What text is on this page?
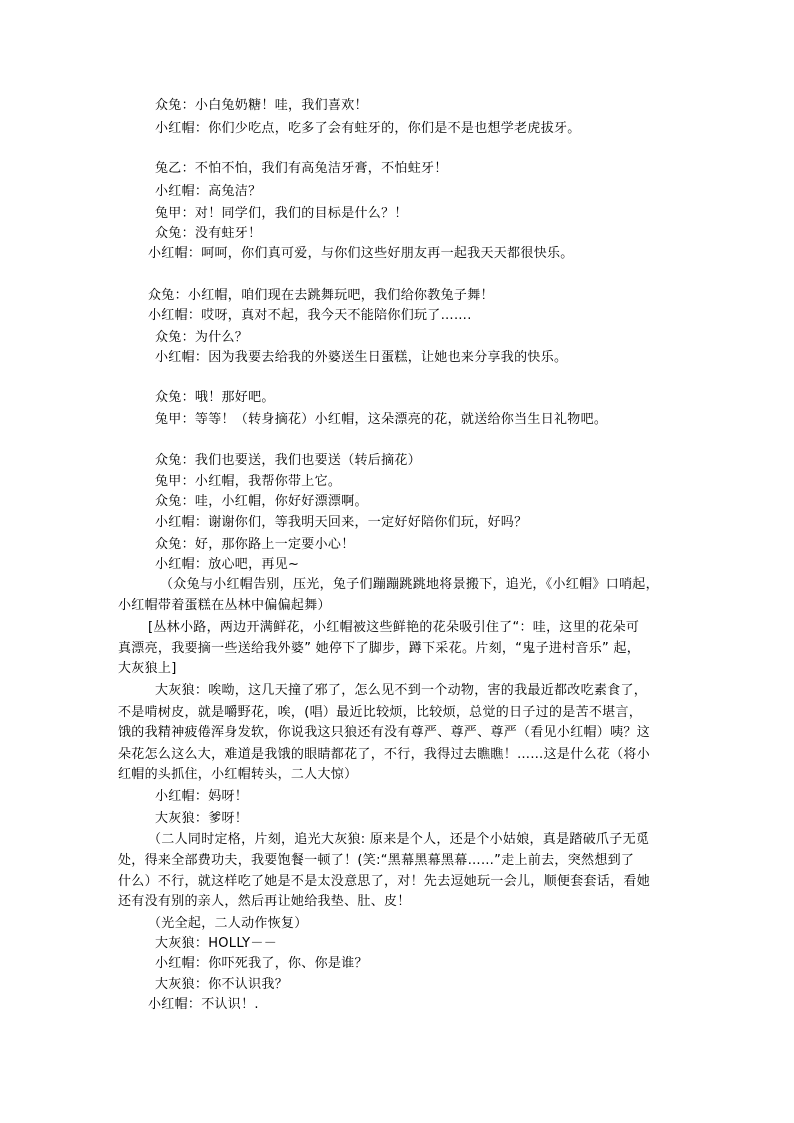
众兔：小白兔奶糖！哇，我们喜欢！
小红帽：你们少吃点，吃多了会有蛀牙的，你们是不是也想学老虎拔牙。
兔乙：不怕不怕，我们有高兔洁牙膏，不怕蛀牙！
小红帽：高兔洁？
兔甲：对！同学们，我们的目标是什么？！
众兔：没有蛀牙！
小红帽：呵呵，你们真可爱，与你们这些好朋友再一起我天天都很快乐。
众兔：小红帽，咱们现在去跳舞玩吧，我们给你教兔子舞！
小红帽：哎呀，真对不起，我今天不能陪你们玩了…….
众兔：为什么？
小红帽：因为我要去给我的外婆送生日蛋糕，让她也来分享我的快乐。
众兔：哦！那好吧。
兔甲：等等！（转身摘花）小红帽，这朵漂亮的花，就送给你当生日礼物吧。
众兔：我们也要送，我们也要送（转后摘花）
兔甲：小红帽，我帮你带上它。
众兔：哇，小红帽，你好好漂漂啊。
小红帽：谢谢你们，等我明天回来，一定好好陪你们玩，好吗？
众兔：好，那你路上一定要小心！
小红帽：放心吧，再见~
（众兔与小红帽告别，压光，兔子们蹦蹦跳跳地将景搬下，追光，《小红帽》口哨起，
小红帽带着蛋糕在丛林中偏偏起舞）
[丛林小路，两边开满鲜花，小红帽被这些鲜艳的花朵吸引住了“：哇，这里的花朵可
真漂亮，我要摘一些送给我外婆” 她停下了脚步，蹲下采花。片刻，“鬼子进村音乐” 起，
大灰狼上]
大灰狼：唉呦，这几天撞了邪了，怎么见不到一个动物，害的我最近都改吃素食了，
不是啃树皮，就是嚼野花，唉，(唱）最近比较烦，比较烦，总觉的日子过的是苦不堪言，
饿的我精神疲倦浑身发软，你说我这只狼还有没有尊严、尊严、尊严（看见小红帽）咦？这
朵花怎么这么大，难道是我饿的眼睛都花了，不行，我得过去瞧瞧！……这是什么花（将小
红帽的头抓住，小红帽转头，二人大惊）
小红帽：妈呀！
大灰狼：爹呀！
（二人同时定格，片刻，追光大灰狼: 原来是个人，还是个小姑娘，真是踏破爪子无觅
处，得来全部费功夫，我要饱餐一顿了！(笑:“黑幕黑幕黑幕……”走上前去，突然想到了
什么）不行，就这样吃了她是不是太没意思了，对！先去逗她玩一会儿，顺便套套话，看她
还有没有别的亲人，然后再让她给我垫、肚、皮！
（光全起，二人动作恢复）
大灰狼：HOLLY－－
小红帽：你吓死我了，你、你是谁？
大灰狼：你不认识我？
小红帽：不认识！.
